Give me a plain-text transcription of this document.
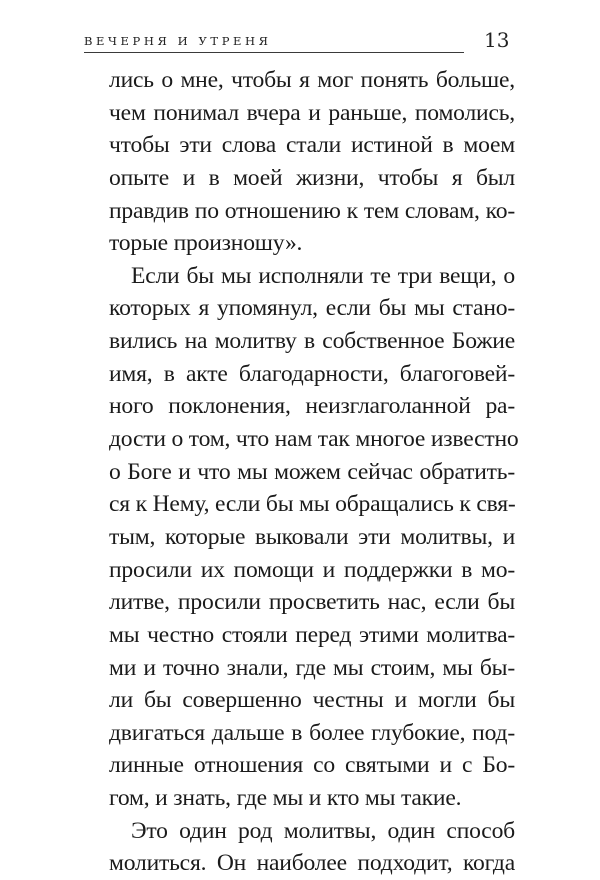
ВЕЧЕРНЯ И УТРЕНЯ	13
лись о мне, чтобы я мог понять больше,
чем понимал вчера и раньше, помолись,
чтобы эти слова стали истиной в моем
опыте и в моей жизни, чтобы я был
правдив по отношению к тем словам, ко-
торые произношу».
Если бы мы исполняли те три вещи, о
которых я упомянул, если бы мы стано-
вились на молитву в собственное Божие
имя, в акте благодарности, благоговей-
ного поклонения, неизглаголанной ра-
дости о том, что нам так многое известно
о Боге и что мы можем сейчас обратить-
ся к Нему, если бы мы обращались к свя-
тым, которые выковали эти молитвы, и
просили их помощи и поддержки в мо-
литве, просили просветить нас, если бы
мы честно стояли перед этими молитва-
ми и точно знали, где мы стоим, мы бы-
ли бы совершенно честны и могли бы
двигаться дальше в более глубокие, под-
линные отношения со святыми и с Бо-
гом, и знать, где мы и кто мы такие.
Это один род молитвы, один способ
молиться. Он наиболее подходит, когда
